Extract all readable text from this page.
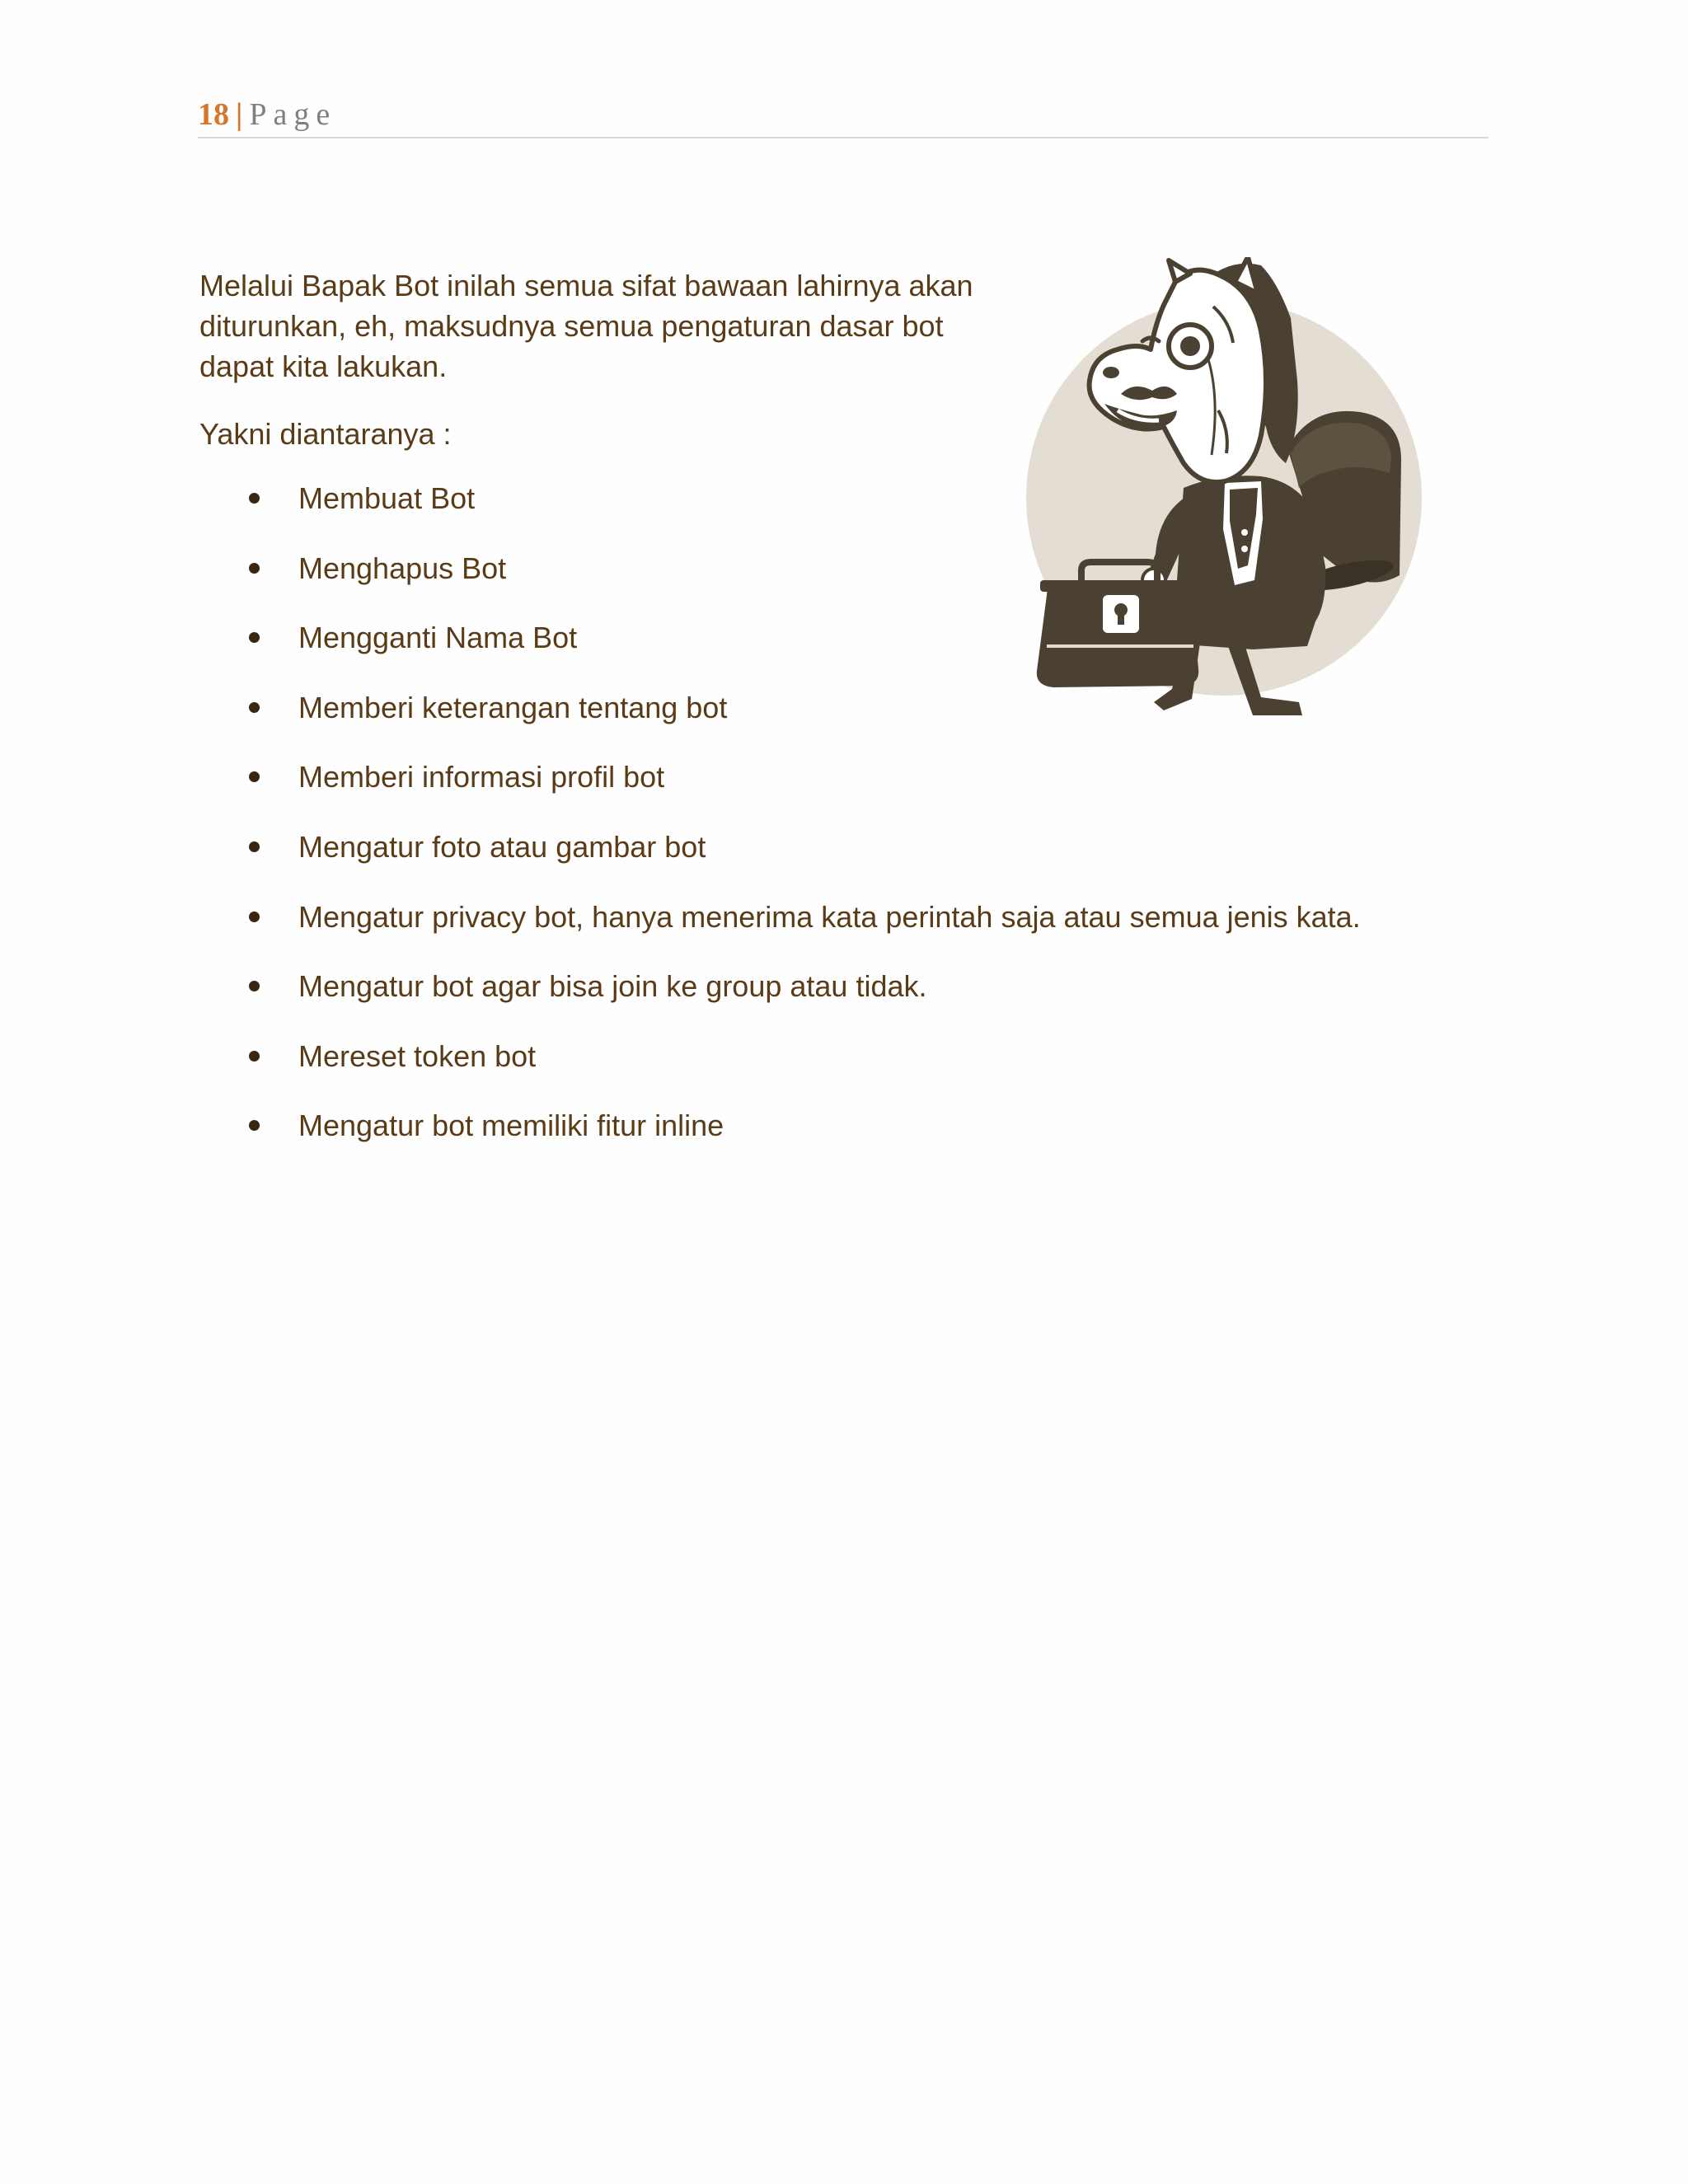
18 | Page

Melalui Bapak Bot inilah semua sifat bawaan lahirnya akan diturunkan, eh, maksudnya semua pengaturan dasar bot dapat kita lakukan.

Yakni diantaranya :

Membuat Bot
Menghapus Bot
Mengganti Nama Bot
Memberi keterangan tentang bot
Memberi informasi profil bot
Mengatur foto atau gambar bot
Mengatur privacy bot, hanya menerima kata perintah saja atau semua jenis kata.
Mengatur bot agar bisa join ke group atau tidak.
Mereset token bot
Mengatur bot memiliki fitur inline
